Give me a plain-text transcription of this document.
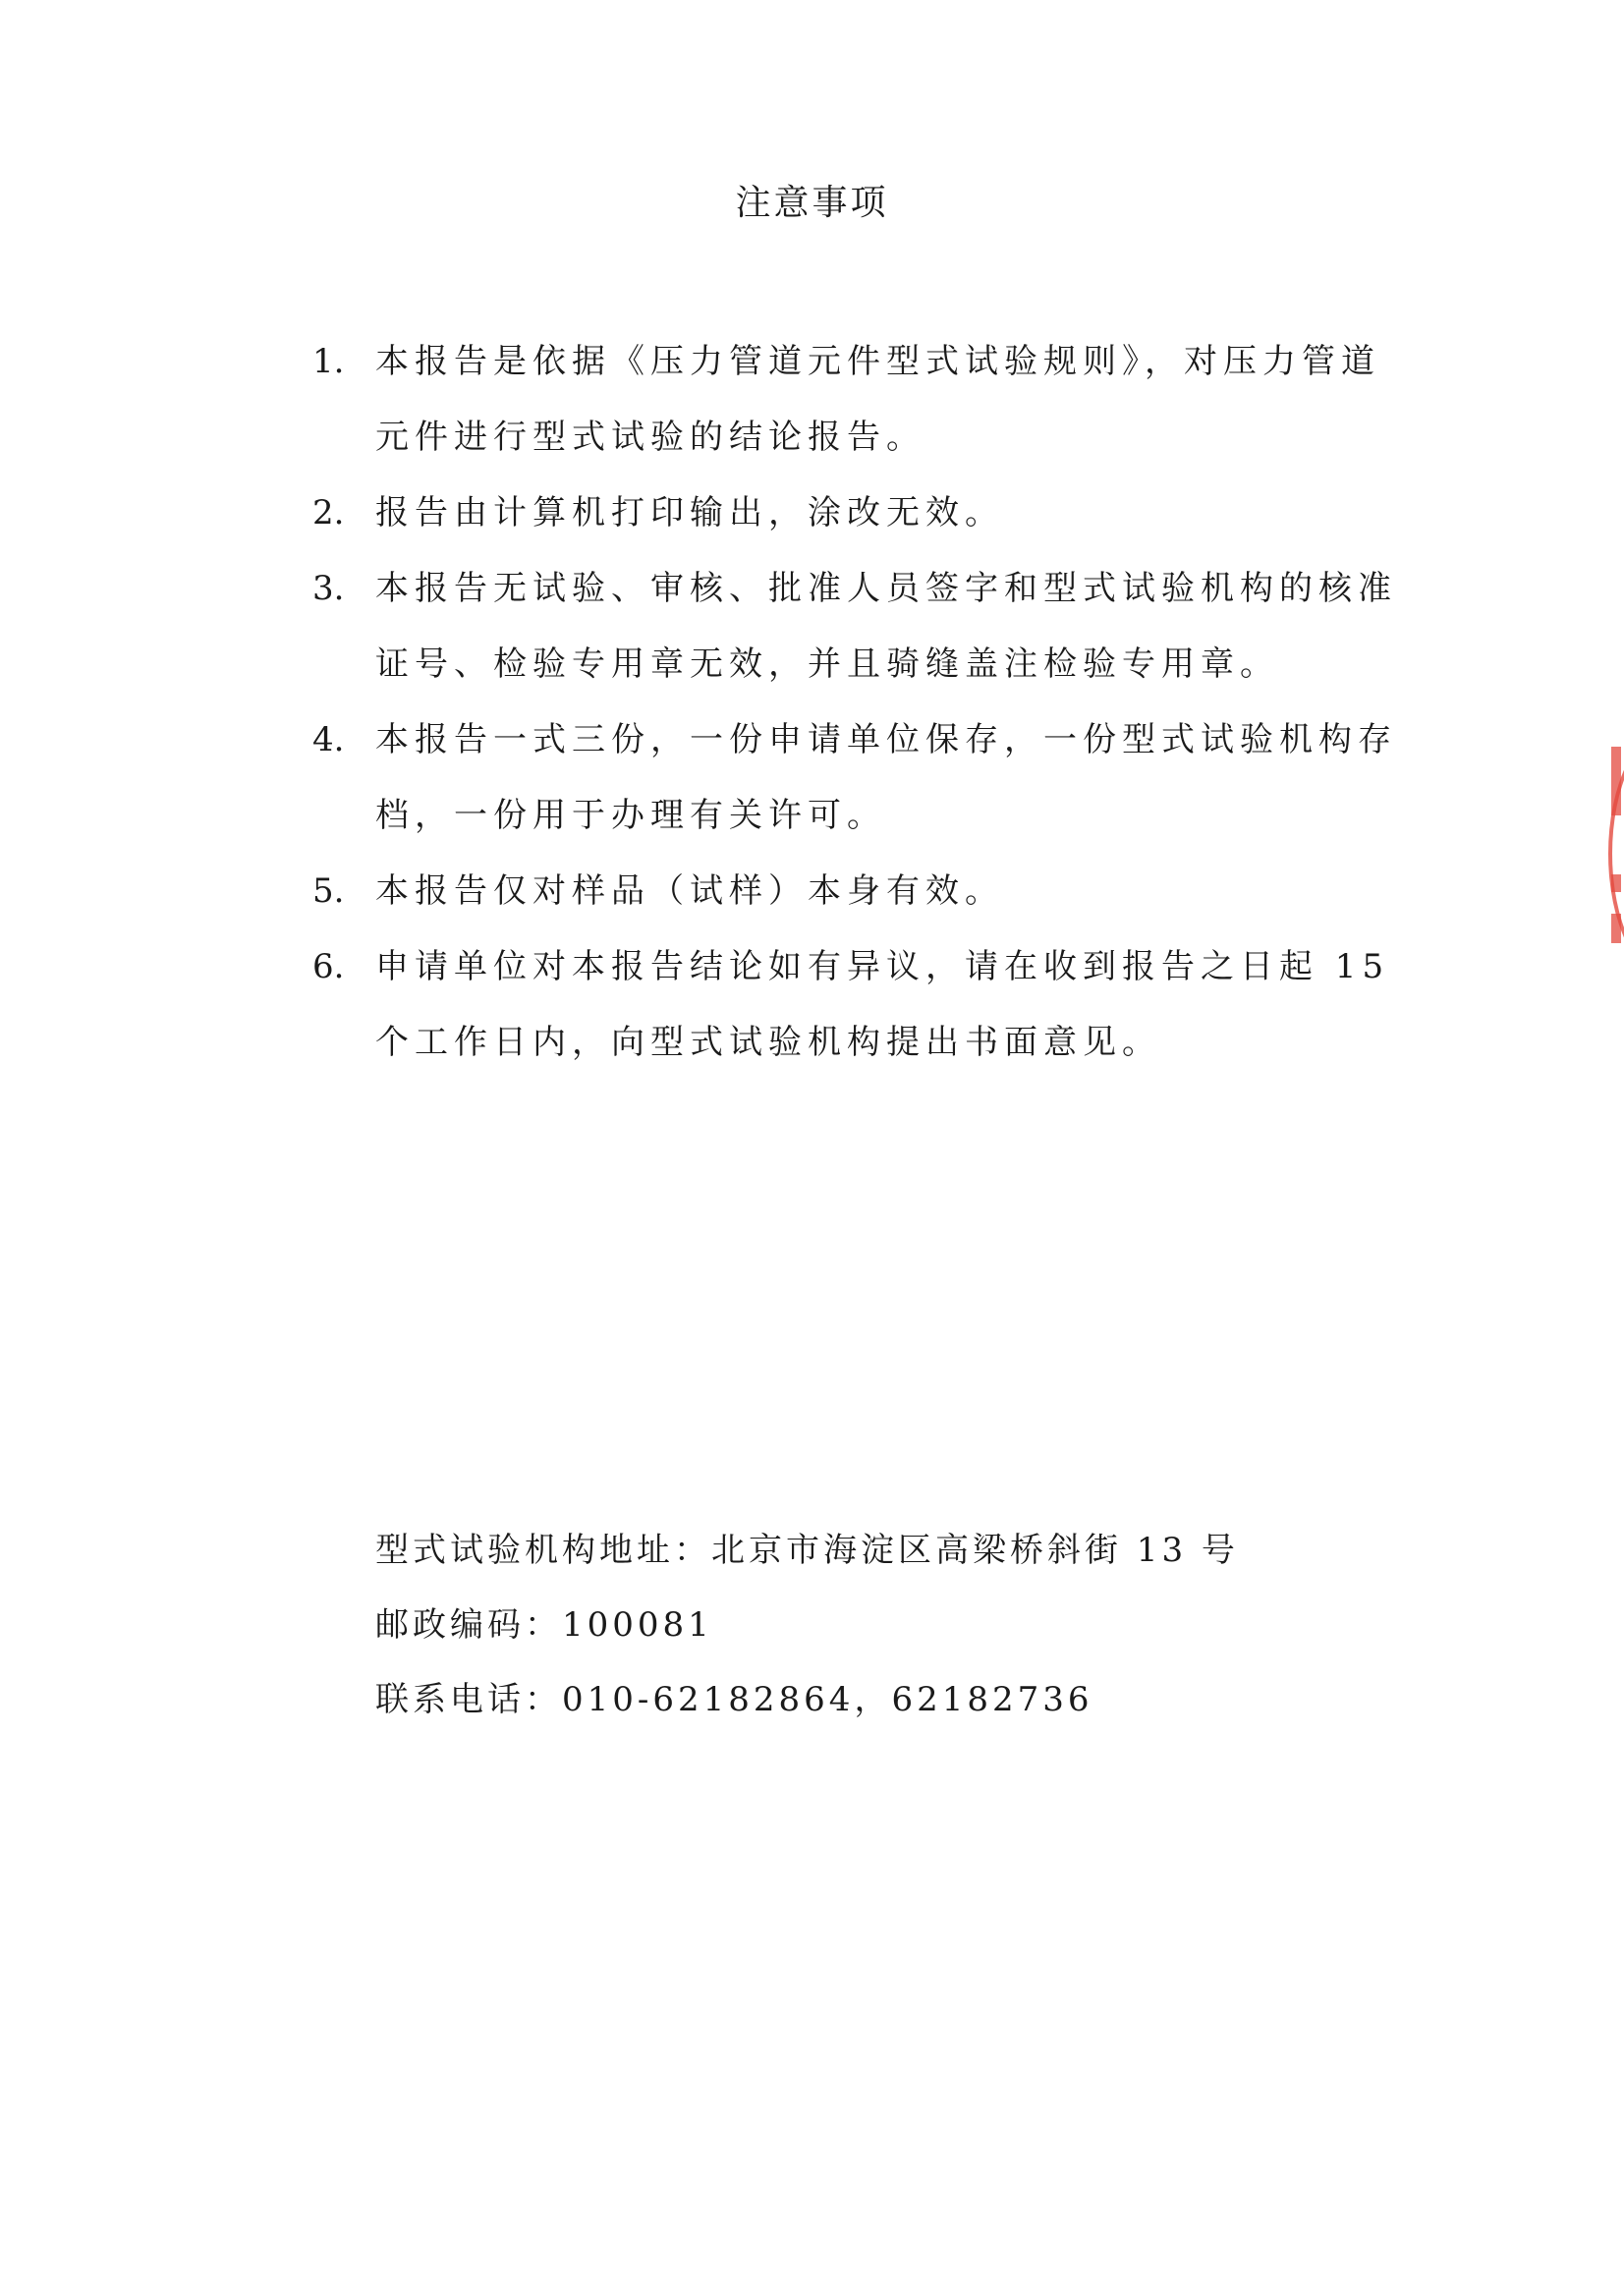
注意事项
1. 本报告是依据《压力管道元件型式试验规则》，对压力管道元件进行型式试验的结论报告。
2. 报告由计算机打印输出，涂改无效。
3. 本报告无试验、审核、批准人员签字和型式试验机构的核准证号、检验专用章无效，并且骑缝盖注检验专用章。
4. 本报告一式三份，一份申请单位保存，一份型式试验机构存档，一份用于办理有关许可。
5. 本报告仅对样品（试样）本身有效。
6. 申请单位对本报告结论如有异议，请在收到报告之日起 15 个工作日内，向型式试验机构提出书面意见。
型式试验机构地址：北京市海淀区高梁桥斜街 13 号
邮政编码：100081
联系电话：010-62182864，62182736
